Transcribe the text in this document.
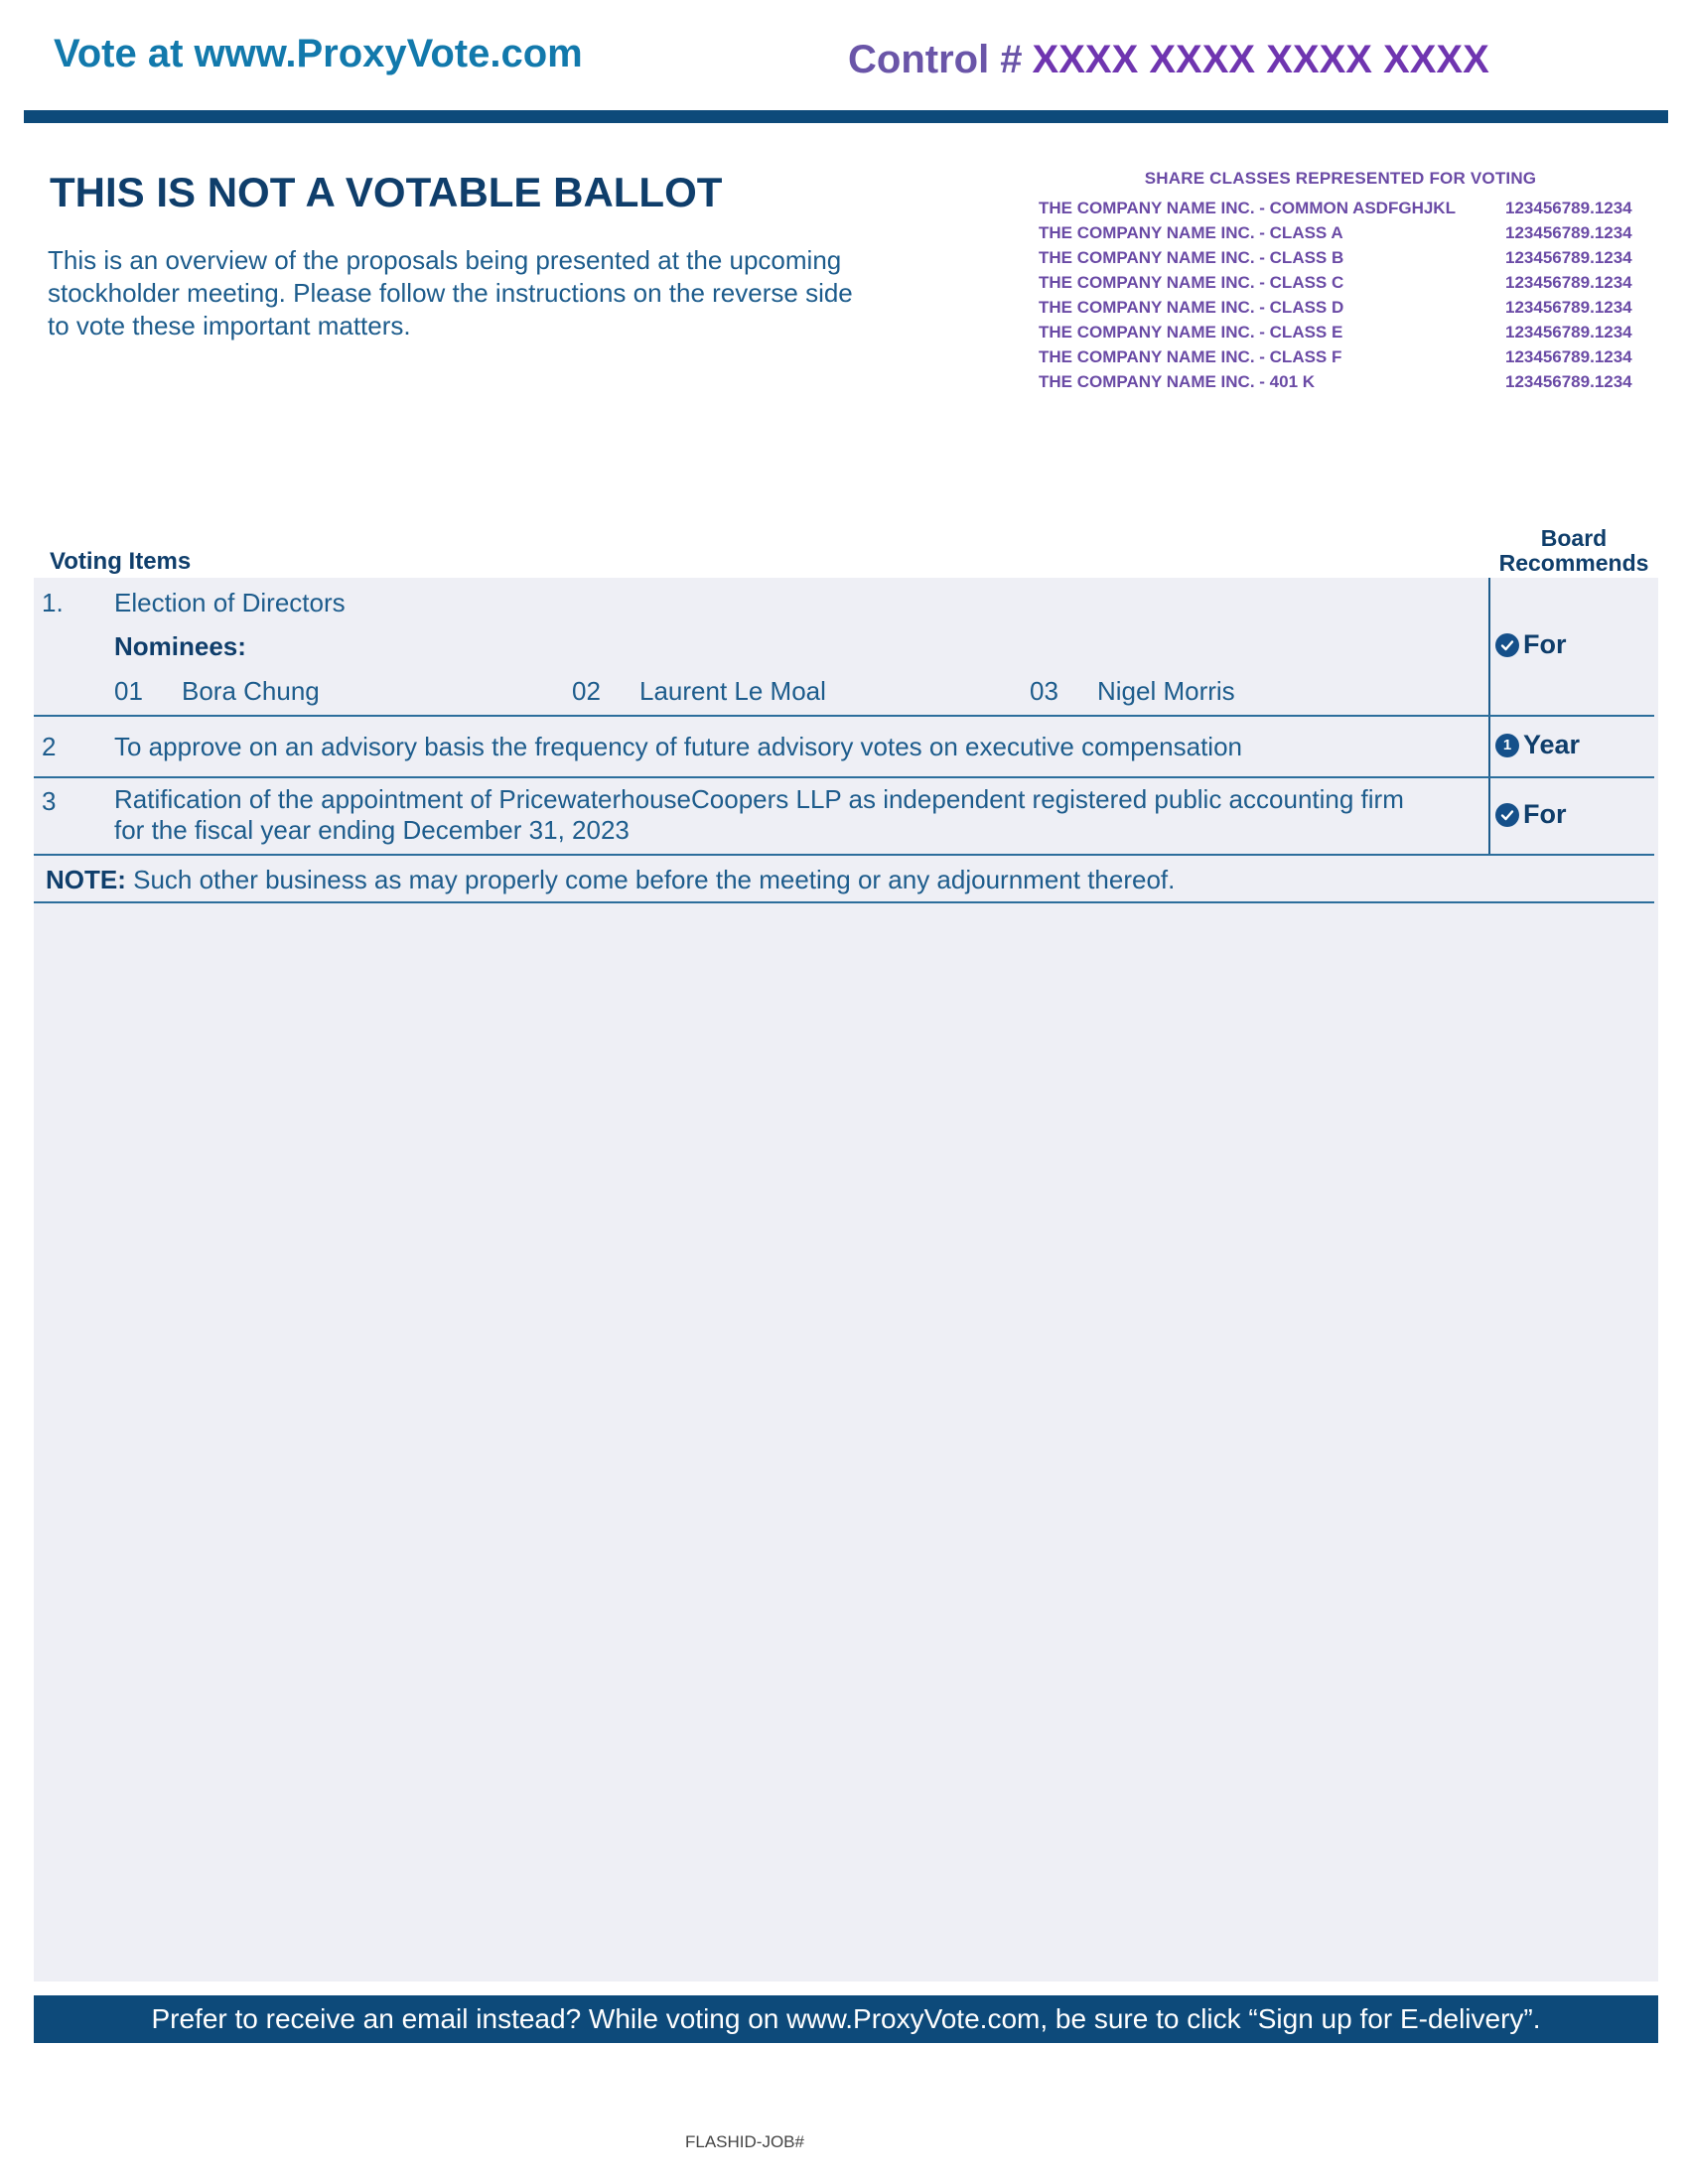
Vote at www.ProxyVote.com	Control # XXXX XXXX XXXX XXXX
THIS IS NOT A VOTABLE BALLOT
This is an overview of the proposals being presented at the upcoming stockholder meeting. Please follow the instructions on the reverse side to vote these important matters.
SHARE CLASSES REPRESENTED FOR VOTING
THE COMPANY NAME INC. - COMMON ASDFGHJKL	123456789.1234
THE COMPANY NAME INC. - CLASS A	123456789.1234
THE COMPANY NAME INC. - CLASS B	123456789.1234
THE COMPANY NAME INC. - CLASS C	123456789.1234
THE COMPANY NAME INC. - CLASS D	123456789.1234
THE COMPANY NAME INC. - CLASS E	123456789.1234
THE COMPANY NAME INC. - CLASS F	123456789.1234
THE COMPANY NAME INC. - 401 K	123456789.1234
Voting Items
Board
Recommends
1. Election of Directors
Nominees:
01 Bora Chung	02 Laurent Le Moal	03 Nigel Morris
For
2 To approve on an advisory basis the frequency of future advisory votes on executive compensation	1 Year
3 Ratification of the appointment of PricewaterhouseCoopers LLP as independent registered public accounting firm
for the fiscal year ending December 31, 2023
For
NOTE: Such other business as may properly come before the meeting or any adjournment thereof.
Prefer to receive an email instead? While voting on www.ProxyVote.com, be sure to click “Sign up for E-delivery”.
FLASHID-JOB#
